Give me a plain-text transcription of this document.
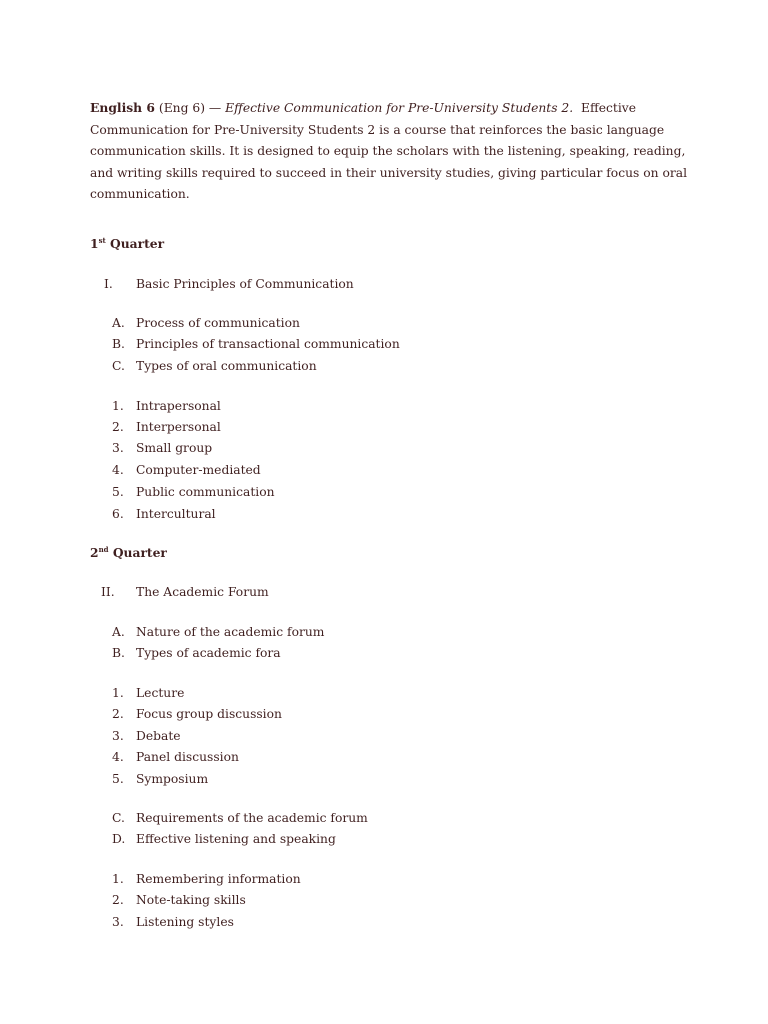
English 6 (Eng 6) — Effective Communication for Pre-University Students 2. Effective Communication for Pre-University Students 2 is a course that reinforces the basic language communication skills. It is designed to equip the scholars with the listening, speaking, reading, and writing skills required to succeed in their university studies, giving particular focus on oral communication.

1st Quarter

I. Basic Principles of Communication
A. Process of communication
B. Principles of transactional communication
C. Types of oral communication
1. Intrapersonal
2. Interpersonal
3. Small group
4. Computer-mediated
5. Public communication
6. Intercultural

2nd Quarter

II. The Academic Forum
A. Nature of the academic forum
B. Types of academic fora
1. Lecture
2. Focus group discussion
3. Debate
4. Panel discussion
5. Symposium
C. Requirements of the academic forum
D. Effective listening and speaking
1. Remembering information
2. Note-taking skills
3. Listening styles
